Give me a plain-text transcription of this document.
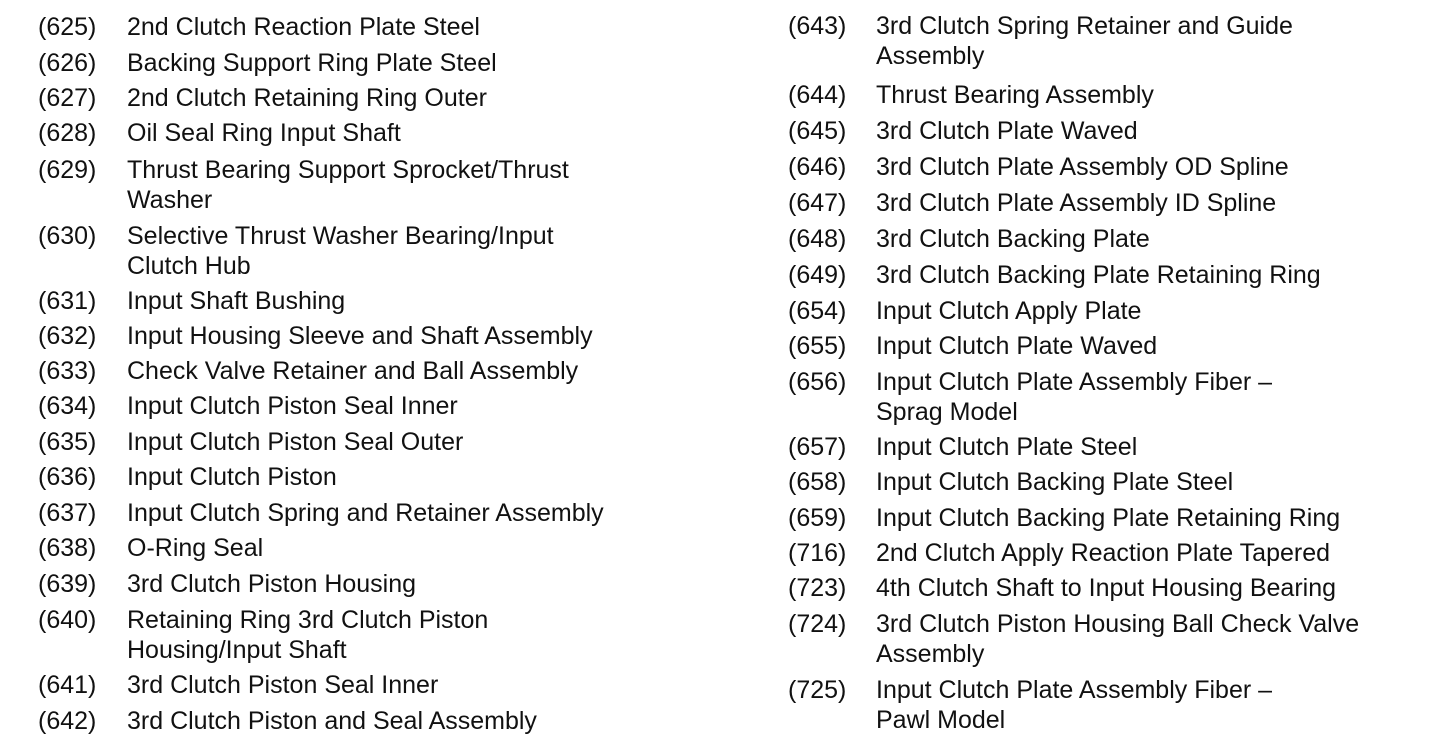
(625) 2nd Clutch Reaction Plate Steel
(626) Backing Support Ring Plate Steel
(627) 2nd Clutch Retaining Ring Outer
(628) Oil Seal Ring Input Shaft
(629) Thrust Bearing Support Sprocket/Thrust
Washer
(630) Selective Thrust Washer Bearing/Input
Clutch Hub
(631) Input Shaft Bushing
(632) Input Housing Sleeve and Shaft Assembly
(633) Check Valve Retainer and Ball Assembly
(634) Input Clutch Piston Seal Inner
(635) Input Clutch Piston Seal Outer
(636) Input Clutch Piston
(637) Input Clutch Spring and Retainer Assembly
(638) O-Ring Seal
(639) 3rd Clutch Piston Housing
(640) Retaining Ring 3rd Clutch Piston
Housing/Input Shaft
(641) 3rd Clutch Piston Seal Inner
(642) 3rd Clutch Piston and Seal Assembly
(643) 3rd Clutch Spring Retainer and Guide
Assembly
(644) Thrust Bearing Assembly
(645) 3rd Clutch Plate Waved
(646) 3rd Clutch Plate Assembly OD Spline
(647) 3rd Clutch Plate Assembly ID Spline
(648) 3rd Clutch Backing Plate
(649) 3rd Clutch Backing Plate Retaining Ring
(654) Input Clutch Apply Plate
(655) Input Clutch Plate Waved
(656) Input Clutch Plate Assembly Fiber –
Sprag Model
(657) Input Clutch Plate Steel
(658) Input Clutch Backing Plate Steel
(659) Input Clutch Backing Plate Retaining Ring
(716) 2nd Clutch Apply Reaction Plate Tapered
(723) 4th Clutch Shaft to Input Housing Bearing
(724) 3rd Clutch Piston Housing Ball Check Valve
Assembly
(725) Input Clutch Plate Assembly Fiber –
Pawl Model
